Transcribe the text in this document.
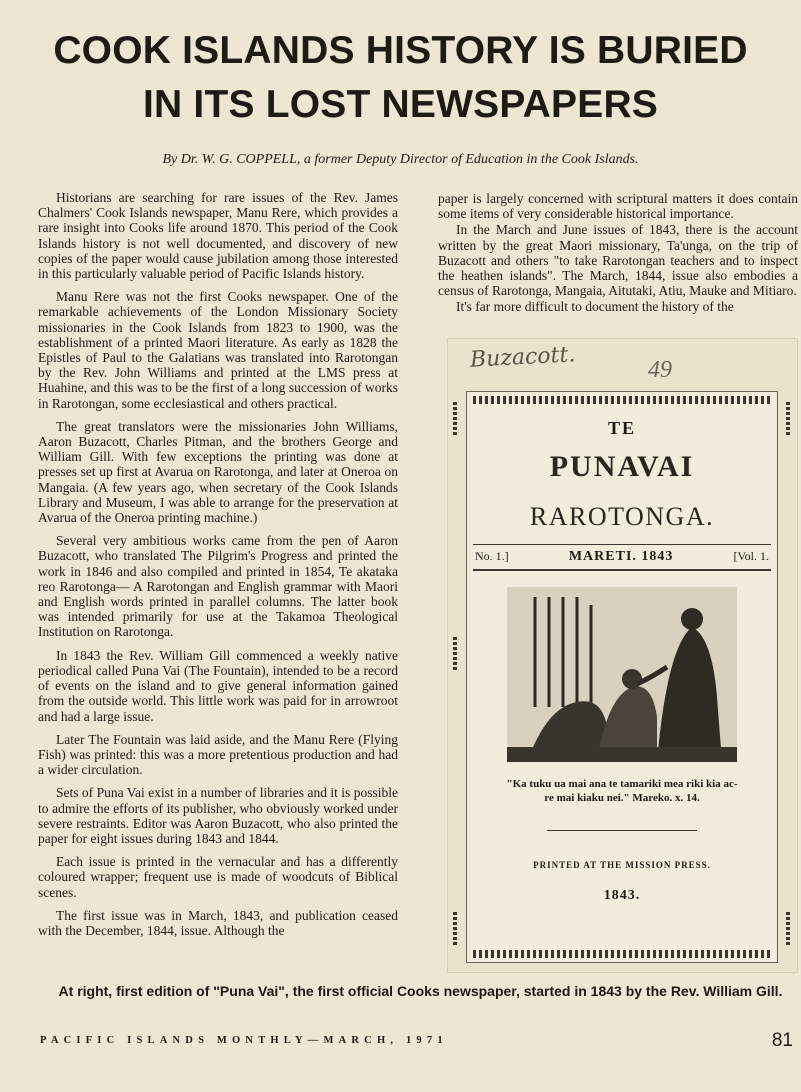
COOK ISLANDS HISTORY IS BURIED
IN ITS LOST NEWSPAPERS
By Dr. W. G. COPPELL, a former Deputy Director of Education in the Cook Islands.

Historians are searching for rare issues of the Rev. James Chalmers' Cook Islands newspaper, Manu Rere, which provides a rare insight into Cooks life around 1870. This period of the Cook Islands history is not well documented, and discovery of new copies of the paper would cause jubilation among those interested in this particularly valuable period of Pacific Islands history.

Manu Rere was not the first Cooks newspaper. One of the remarkable achievements of the London Missionary Society missionaries in the Cook Islands from 1823 to 1900, was the establishment of a printed Maori literature. As early as 1828 the Epistles of Paul to the Galatians was translated into Rarotongan by the Rev. John Williams and printed at the LMS press at Huahine, and this was to be the first of a long succession of works in Rarotongan, some ecclesiastical and others practical.

The great translators were the missionaries John Williams, Aaron Buzacott, Charles Pitman, and the brothers George and William Gill. With few exceptions the printing was done at presses set up first at Avarua on Rarotonga, and later at Oneroa on Mangaia. (A few years ago, when secretary of the Cook Islands Library and Museum, I was able to arrange for the preservation at Avarua of the Oneroa printing machine.)

Several very ambitious works came from the pen of Aaron Buzacott, who translated The Pilgrim's Progress and printed the work in 1846 and also compiled and printed in 1854, Te akataka reo Rarotonga— A Rarotongan and English grammar with Maori and English words printed in parallel columns. The latter book was intended primarily for use at the Takamoa Theological Institution on Rarotonga.

In 1843 the Rev. William Gill commenced a weekly native periodical called Puna Vai (The Fountain), intended to be a record of events on the island and to give general information gained from the outside world. This little work was paid for in arrowroot and had a large issue.

Later The Fountain was laid aside, and the Manu Rere (Flying Fish) was printed: this was a more pretentious production and had a wider circulation.

Sets of Puna Vai exist in a number of libraries and it is possible to admire the efforts of its publisher, who obviously worked under severe restraints. Editor was Aaron Buzacott, who also printed the paper for eight issues during 1843 and 1844.

Each issue is printed in the vernacular and has a differently coloured wrapper; frequent use is made of woodcuts of Biblical scenes.

The first issue was in March, 1843, and publication ceased with the December, 1844, issue. Although the

paper is largely concerned with scriptural matters it does contain some items of very considerable historical importance.

In the March and June issues of 1843, there is the account written by the great Maori missionary, Ta'unga, on the trip of Buzacott and others "to take Rarotongan teachers and to inspect the heathen islands". The March, 1844, issue also embodies a census of Rarotonga, Mangaia, Aitutaki, Atiu, Mauke and Mitiaro.

It's far more difficult to document the history of the

Buzacott.	49
TE
PUNAVAI
RAROTONGA.
No. 1.]	MARETI. 1843	[Vol. 1.
"Ka tuku ua mai ana te tamariki mea riki kia ac-
re mai kiaku nei." Mareko. x. 14.
PRINTED AT THE MISSION PRESS.
1843.
At right, first edition of "Puna Vai", the first official Cooks newspaper, started in 1843 by the Rev. William Gill.
PACIFIC ISLANDS MONTHLY—MARCH, 1971	81
